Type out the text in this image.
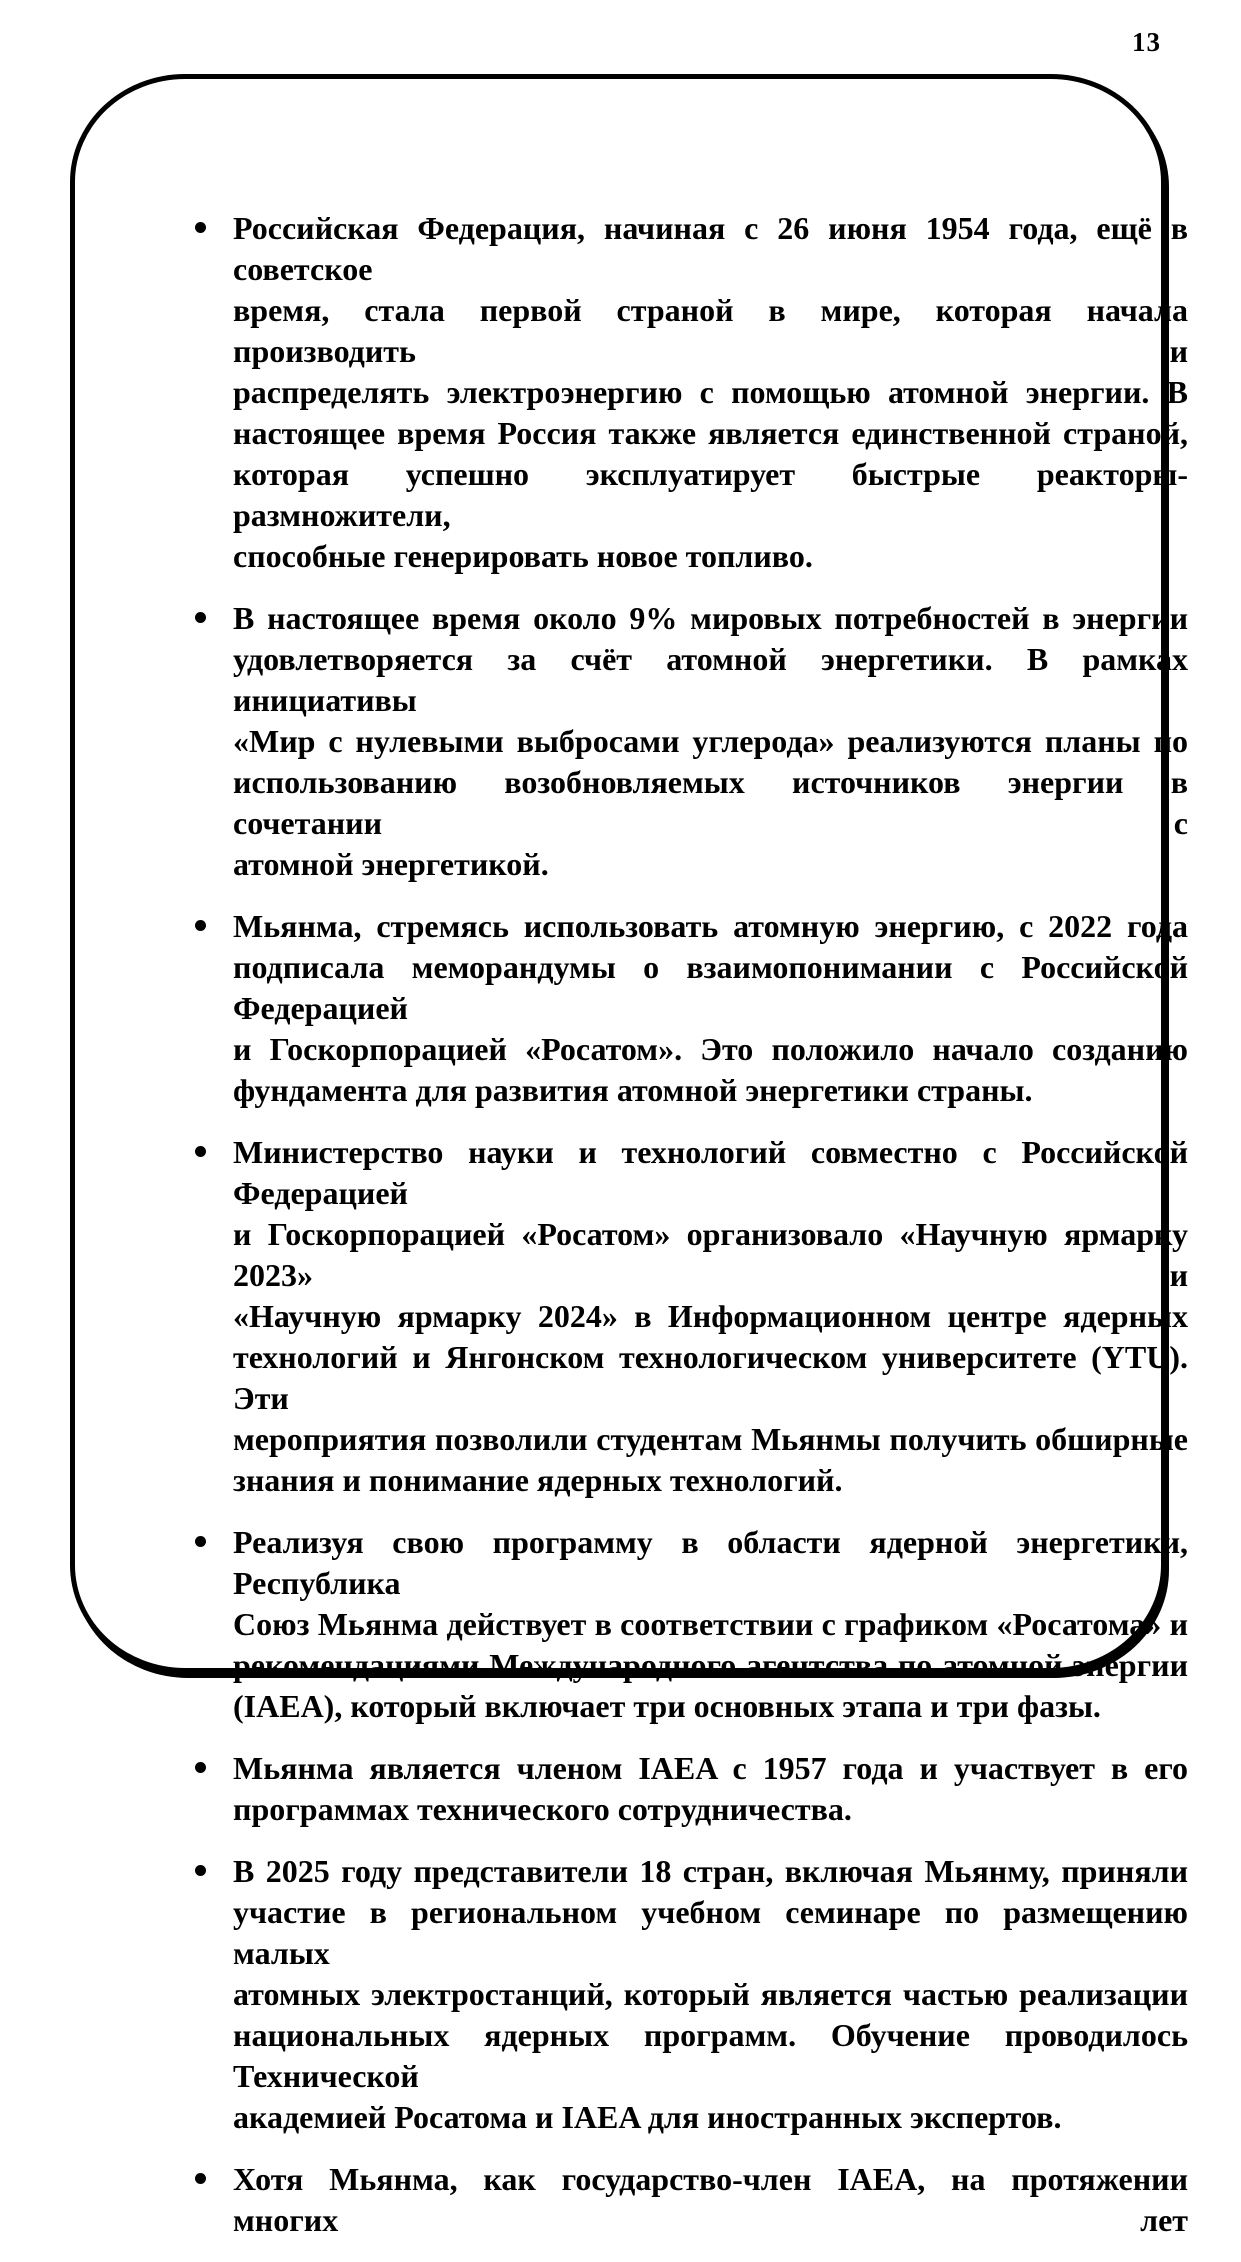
13
Российская Федерация, начиная с 26 июня 1954 года, ещё в советское
время, стала первой страной в мире, которая начала производить и
распределять электроэнергию с помощью атомной энергии. В
настоящее время Россия также является единственной страной,
которая успешно эксплуатирует быстрые реакторы-размножители,
способные генерировать новое топливо.
В настоящее время около 9% мировых потребностей в энергии
удовлетворяется за счёт атомной энергетики. В рамках инициативы
«Мир с нулевыми выбросами углерода» реализуются планы по
использованию возобновляемых источников энергии в сочетании с
атомной энергетикой.
Мьянма, стремясь использовать атомную энергию, с 2022 года
подписала меморандумы о взаимопонимании с Российской Федерацией
и Госкорпорацией «Росатом». Это положило начало созданию
фундамента для развития атомной энергетики страны.
Министерство науки и технологий совместно с Российской Федерацией
и Госкорпорацией «Росатом» организовало «Научную ярмарку 2023» и
«Научную ярмарку 2024» в Информационном центре ядерных
технологий и Янгонском технологическом университете (YTU). Эти
мероприятия позволили студентам Мьянмы получить обширные
знания и понимание ядерных технологий.
Реализуя свою программу в области ядерной энергетики, Республика
Союз Мьянма действует в соответствии с графиком «Росатома» и
рекомендациями Международного агентства по атомной энергии
(IAEA), который включает три основных этапа и три фазы.
Мьянма является членом IAEA с 1957 года и участвует в его
программах технического сотрудничества.
В 2025 году представители 18 стран, включая Мьянму, приняли
участие в региональном учебном семинаре по размещению малых
атомных электростанций, который является частью реализации
национальных ядерных программ. Обучение проводилось Технической
академией Росатома и IAEA для иностранных экспертов.
Хотя Мьянма, как государство-член IAEA, на протяжении многих лет
